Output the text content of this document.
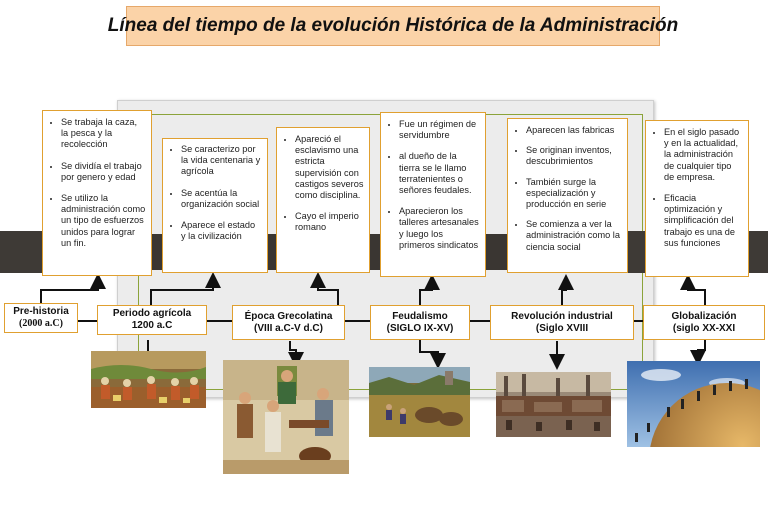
Línea del tiempo de la evolución Histórica de la Administración
• Se trabaja la caza, la pesca y la recolección
• Se dividía el trabajo por genero y edad
• Se utilizo la administración como un tipo de esfuerzos unidos para lograr un fin.
• Se caracterizo por la vida centenaria y agrícola
• Se acentúa la organización social
• Aparece el estado y la civilización
• Apareció el esclavismo una estricta supervisión con castigos severos como disciplina.
• Cayo el imperio romano
• Fue un régimen de servidumbre
• al dueño de la tierra se le llamo terratenientes o señores feudales.
• Aparecieron los talleres artesanales y luego los primeros sindicatos
• Aparecen las fabricas
• Se originan inventos, descubrimientos
• También surge la especialización y producción en serie
• Se comienza a ver la administración como la ciencia social
• En el siglo pasado y en la actualidad, la administración de cualquier tipo de empresa.
• Eficacia optimización y simplificación del trabajo es una de sus funciones
Pre-historia
(2000 a.C)
Periodo agrícola
1200 a.C
Época Grecolatina
(VIII a.C-V d.C)
Feudalismo
(SIGLO IX-XV)
Revolución industrial
(Siglo XVIII
Globalización
(siglo XX-XXI
